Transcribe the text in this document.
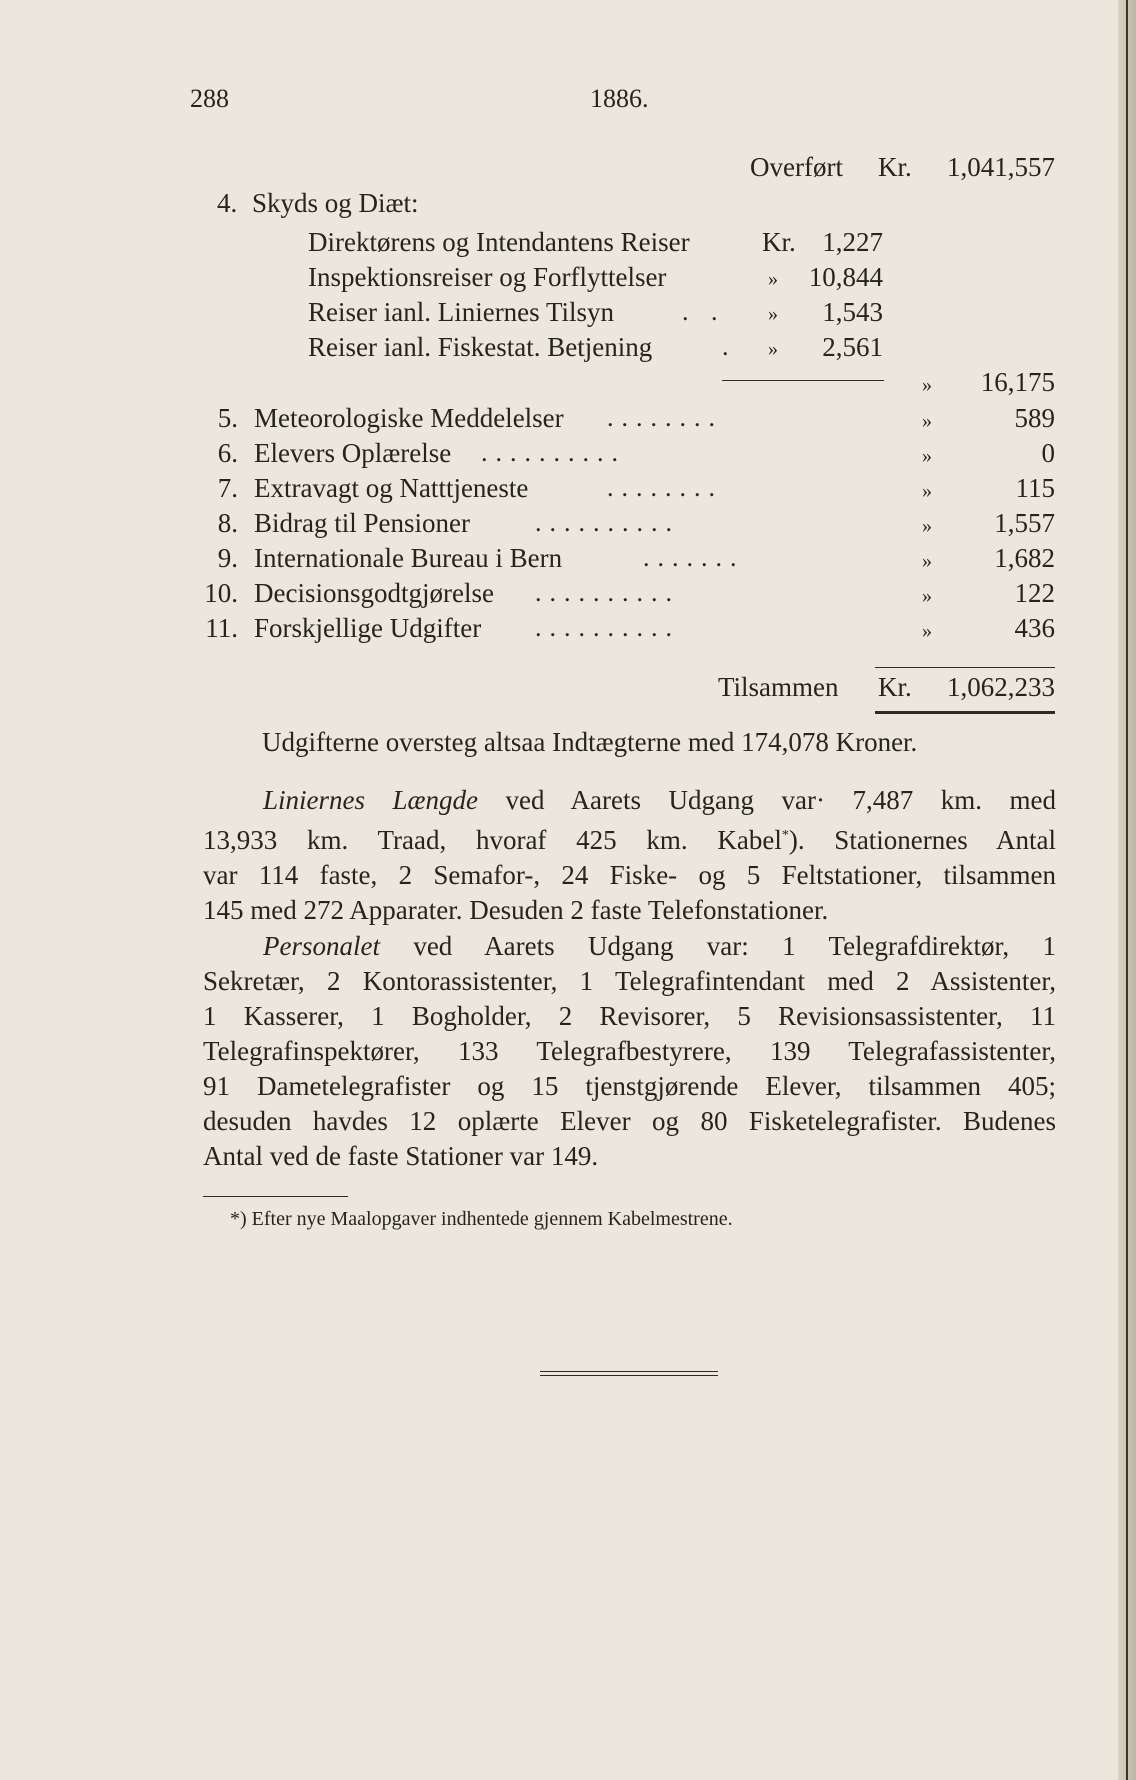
288	1886.
Overført Kr.	1,041,557
4. Skyds og Diæt:
Direktørens og Intendantens Reiser	Kr. 1,227
Inspektionsreiser og Forflyttelser	»	10,844
Reiser ianl. Liniernes Tilsyn	. . »	1,543
Reiser ianl. Fiskestat. Betjening	. »	2,561
»	16,175
5. Meteorologiske Meddelelser ........	»	589
6. Elevers Oplærelse ..........	»	0
7. Extravagt og Natttjeneste	........	»	115
8. Bidrag til Pensioner	..........	»	1,557
9. Internationale Bureau i Bern	.......	»	1,682
10. Decisionsgodtgjørelse ..........	»	122
11. Forskjellige Udgifter ..........	»	436
Tilsammen Kr.	1,062,233
Udgifterne oversteg altsaa Indtægterne med 174,078 Kroner.
Liniernes Længde ved Aarets Udgang var· 7,487 km. med
13,933 km. Traad, hvoraf 425 km. Kabel*). Stationernes Antal
var 114 faste, 2 Semafor-, 24 Fiske- og 5 Feltstationer, tilsammen
145 med 272 Apparater. Desuden 2 faste Telefonstationer.
Personalet ved Aarets Udgang var: 1 Telegrafdirektør, 1
Sekretær, 2 Kontorassistenter, 1 Telegrafintendant med 2 Assistenter,
1 Kasserer, 1 Bogholder, 2 Revisorer, 5 Revisionsassistenter, 11
Telegrafinspektører, 133 Telegrafbestyrere, 139 Telegrafassistenter,
91 Dametelegrafister og 15 tjenstgjørende Elever, tilsammen 405;
desuden havdes 12 oplærte Elever og 80 Fisketelegrafister. Budenes
Antal ved de faste Stationer var 149.
*) Efter nye Maalopgaver indhentede gjennem Kabelmestrene.
